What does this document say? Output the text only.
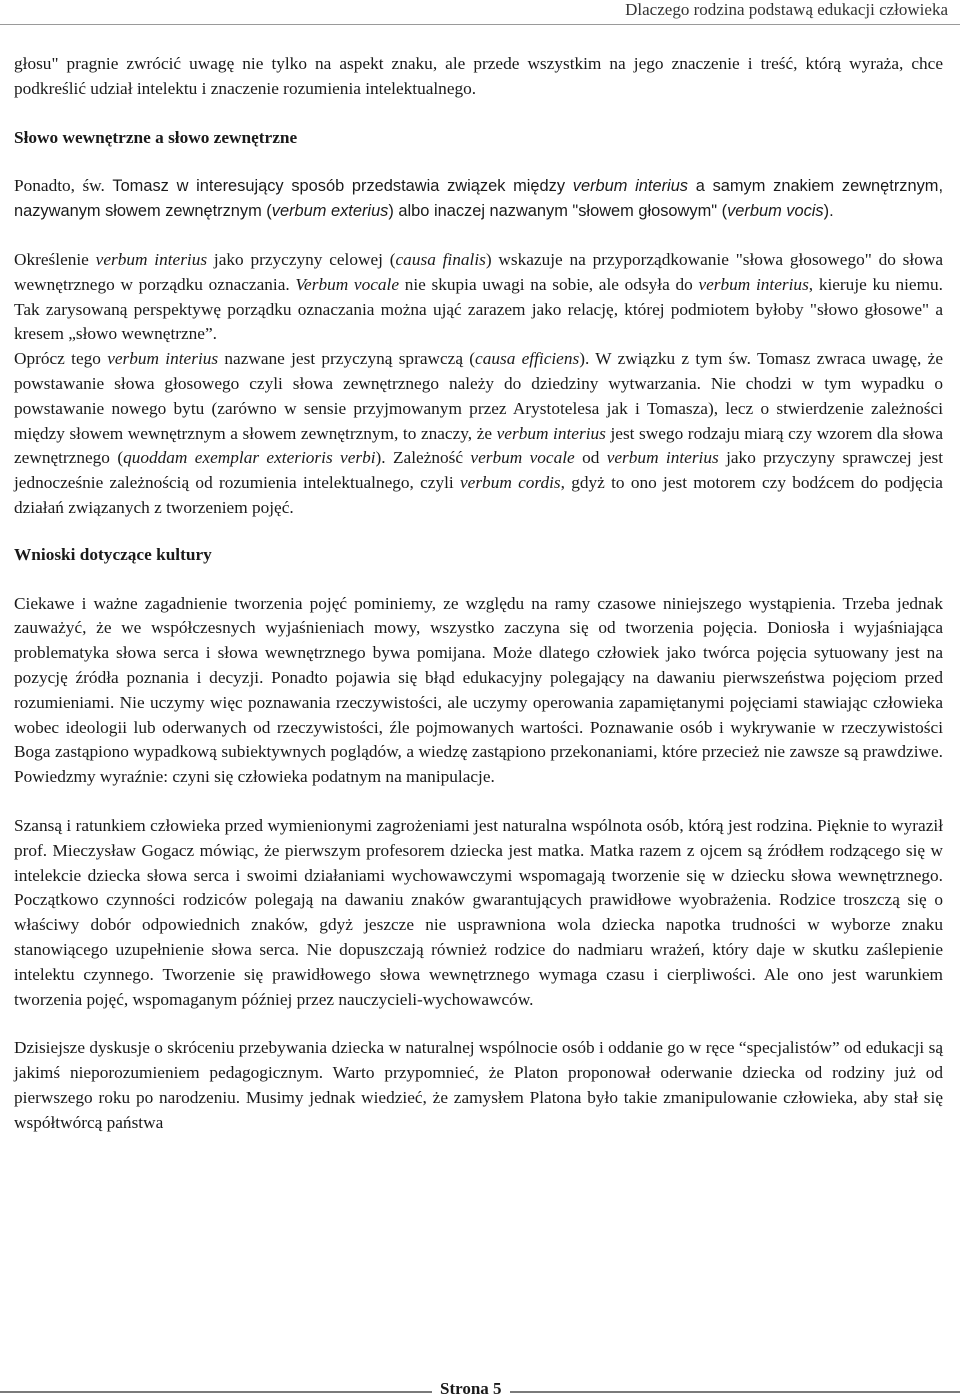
Dlaczego rodzina podstawą edukacji człowieka

głosu" pragnie zwrócić uwagę nie tylko na aspekt znaku, ale przede wszystkim na jego znaczenie i treść, którą wyraża, chce podkreślić udział intelektu i znaczenie rozumienia intelektualnego.

Słowo wewnętrzne a słowo zewnętrzne

Ponadto, św. Tomasz w interesujący sposób przedstawia związek między verbum interius a samym znakiem zewnętrznym, nazywanym słowem zewnętrznym (verbum exterius) albo inaczej nazwanym "słowem głosowym" (verbum vocis).

Określenie verbum interius jako przyczyny celowej (causa finalis) wskazuje na przyporządkowanie "słowa głosowego" do słowa wewnętrznego w porządku oznaczania. Verbum vocale nie skupia uwagi na sobie, ale odsyła do verbum interius, kieruje ku niemu. Tak zarysowaną perspektywę porządku oznaczania można ująć zarazem jako relację, której podmiotem byłoby "słowo głosowe" a kresem „słowo wewnętrzne”.

Oprócz tego verbum interius nazwane jest przyczyną sprawczą (causa efficiens). W związku z tym św. Tomasz zwraca uwagę, że powstawanie słowa głosowego czyli słowa zewnętrznego należy do dziedziny wytwarzania. Nie chodzi w tym wypadku o powstawanie nowego bytu (zarówno w sensie przyjmowanym przez Arystotelesa jak i Tomasza), lecz o stwierdzenie zależności między słowem wewnętrznym a słowem zewnętrznym, to znaczy, że verbum interius jest swego rodzaju miarą czy wzorem dla słowa zewnętrznego (quoddam exemplar exterioris verbi). Zależność verbum vocale od verbum interius jako przyczyny sprawczej jest jednocześnie zależnością od rozumienia intelektualnego, czyli verbum cordis, gdyż to ono jest motorem czy bodźcem do podjęcia działań związanych z tworzeniem pojęć.

Wnioski dotyczące kultury

Ciekawe i ważne zagadnienie tworzenia pojęć pominiemy, ze względu na ramy czasowe niniejszego wystąpienia. Trzeba jednak zauważyć, że we współczesnych wyjaśnieniach mowy, wszystko zaczyna się od tworzenia pojęcia. Doniosła i wyjaśniająca problematyka słowa serca i słowa wewnętrznego bywa pomijana. Może dlatego człowiek jako twórca pojęcia sytuowany jest na pozycję źródła poznania i decyzji. Ponadto pojawia się błąd edukacyjny polegający na dawaniu pierwszeństwa pojęciom przed rozumieniami. Nie uczymy więc poznawania rzeczywistości, ale uczymy operowania zapamiętanymi pojęciami stawiając człowieka wobec ideologii lub oderwanych od rzeczywistości, źle pojmowanych wartości. Poznawanie osób i wykrywanie w rzeczywistości Boga zastąpiono wypadkową subiektywnych poglądów, a wiedzę zastąpiono przekonaniami, które przecież nie zawsze są prawdziwe. Powiedzmy wyraźnie: czyni się człowieka podatnym na manipulacje.

Szansą i ratunkiem człowieka przed wymienionymi zagrożeniami jest naturalna wspólnota osób, którą jest rodzina. Pięknie to wyraził prof. Mieczysław Gogacz mówiąc, że pierwszym profesorem dziecka jest matka. Matka razem z ojcem są źródłem rodzącego się w intelekcie dziecka słowa serca i swoimi działaniami wychowawczymi wspomagają tworzenie się w dziecku słowa wewnętrznego. Początkowo czynności rodziców polegają na dawaniu znaków gwarantujących prawidłowe wyobrażenia. Rodzice troszczą się o właściwy dobór odpowiednich znaków, gdyż jeszcze nie usprawniona wola dziecka napotka trudności w wyborze znaku stanowiącego uzupełnienie słowa serca. Nie dopuszczają również rodzice do nadmiaru wrażeń, który daje w skutku zaślepienie intelektu czynnego. Tworzenie się prawidłowego słowa wewnętrznego wymaga czasu i cierpliwości. Ale ono jest warunkiem tworzenia pojęć, wspomaganym później przez nauczycieli-wychowawców.

Dzisiejsze dyskusje o skróceniu przebywania dziecka w naturalnej wspólnocie osób i oddanie go w ręce “specjalistów” od edukacji są jakimś nieporozumieniem pedagogicznym. Warto przypomnieć, że Platon proponował oderwanie dziecka od rodziny już od pierwszego roku po narodzeniu. Musimy jednak wiedzieć, że zamysłem Platona było takie zmanipulowanie człowieka, aby stał się współtwórcą państwa

Strona 5
